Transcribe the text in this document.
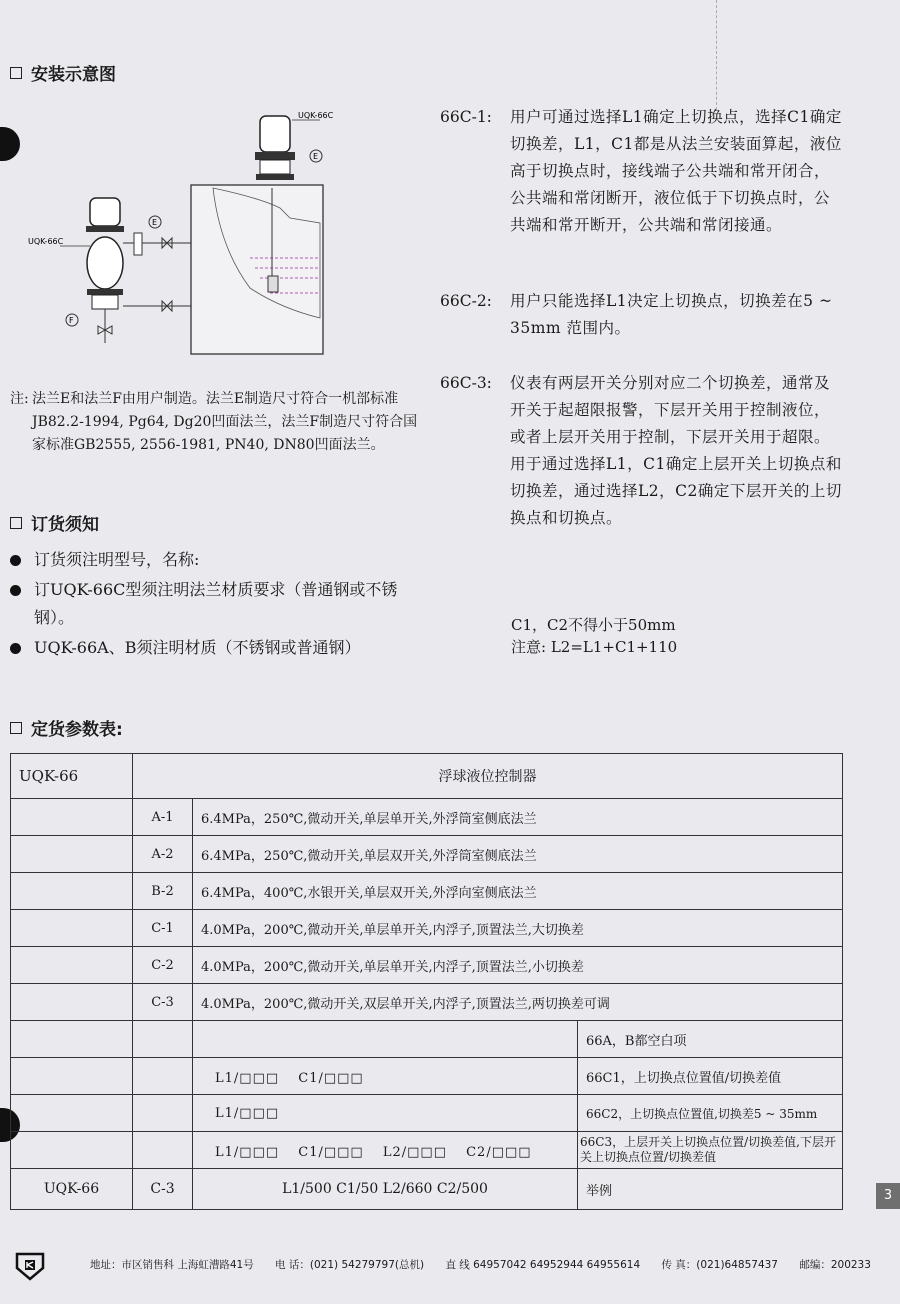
安装示意图
UQK-66C
E
UQK-66C
E
F
注: 法兰E和法兰F由用户制造。法兰E制造尺寸符合一机部标准JB82.2-1994, Pg64, Dg20凹面法兰，法兰F制造尺寸符合国家标准GB2555, 2556-1981, PN40, DN80凹面法兰。
订货须知
订货须注明型号，名称:
订UQK-66C型须注明法兰材质要求（普通钢或不锈钢）。
UQK-66A、B须注明材质（不锈钢或普通钢）
66C-1: 用户可通过选择L1确定上切换点，选择C1确定切换差，L1，C1都是从法兰安装面算起，液位高于切换点时，接线端子公共端和常开闭合，公共端和常闭断开，液位低于下切换点时，公共端和常开断开，公共端和常闭接通。
66C-2: 用户只能选择L1决定上切换点，切换差在5 ~ 35mm 范围内。
66C-3: 仪表有两层开关分别对应二个切换差，通常及开关于起超限报警，下层开关用于控制液位，或者上层开关用于控制，下层开关用于超限。用于通过选择L1，C1确定上层开关上切换点和切换差，通过选择L2，C2确定下层开关的上切换点和切换点。
C1，C2不得小于50mm
注意: L2=L1+C1+110
定货参数表:
UQK-66	浮球液位控制器		
	A-1	6.4MPa，250℃,微动开关,单层单开关,外浮筒室侧底法兰	
	A-2	6.4MPa，250℃,微动开关,单层双开关,外浮筒室侧底法兰	
	B-2	6.4MPa，400℃,水银开关,单层双开关,外浮向室侧底法兰	
	C-1	4.0MPa，200℃,微动开关,单层单开关,内浮子,顶置法兰,大切换差	
	C-2	4.0MPa，200℃,微动开关,单层单开关,内浮子,顶置法兰,小切换差	
	C-3	4.0MPa，200℃,微动开关,双层单开关,内浮子,顶置法兰,两切换差可调	
			66A，B都空白项
		L1/□□□　 C1/□□□	66C1，上切换点位置值/切换差值
		L1/□□□	66C2，上切换点位置值,切换差5 ~ 35mm
		L1/□□□　 C1/□□□　 L2/□□□　 C2/□□□	66C3，上层开关上切换点位置/切换差值,下层开关上切换点位置/切换差值
UQK-66	C-3	L1/500 C1/50 L2/660 C2/500	举例	3
地址：市区销售科 上海虹漕路41号 电 话：(021) 54279797(总机) 直 线 64957042 64952944 64955614 传 真：(021)64857437 邮编：200233
